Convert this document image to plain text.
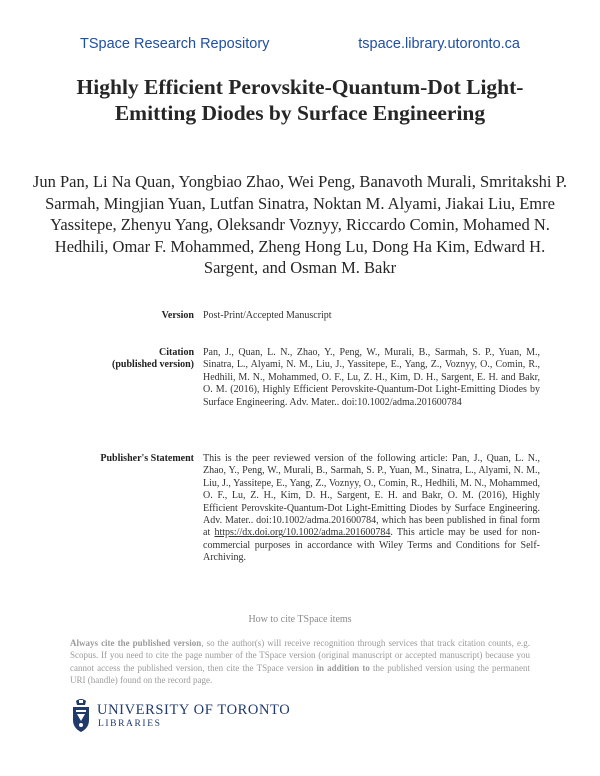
TSpace Research Repository	tspace.library.utoronto.ca
Highly Efficient Perovskite-Quantum-Dot Light-Emitting Diodes by Surface Engineering
Jun Pan, Li Na Quan, Yongbiao Zhao, Wei Peng, Banavoth Murali, Smritakshi P. Sarmah, Mingjian Yuan, Lutfan Sinatra, Noktan M. Alyami, Jiakai Liu, Emre Yassitepe, Zhenyu Yang, Oleksandr Voznyy, Riccardo Comin, Mohamed N. Hedhili, Omar F. Mohammed, Zheng Hong Lu, Dong Ha Kim, Edward H. Sargent, and Osman M. Bakr
Version Post-Print/Accepted Manuscript
Citation
(published version)
Pan, J., Quan, L. N., Zhao, Y., Peng, W., Murali, B., Sarmah, S. P., Yuan, M., Sinatra, L., Alyami, N. M., Liu, J., Yassitepe, E., Yang, Z., Voznyy, O., Comin, R., Hedhili, M. N., Mohammed, O. F., Lu, Z. H., Kim, D. H., Sargent, E. H. and Bakr, O. M. (2016), Highly Efficient Perovskite-Quantum-Dot Light-Emitting Diodes by Surface Engineering. Adv. Mater.. doi:10.1002/adma.201600784
Publisher's Statement This is the peer reviewed version of the following article: Pan, J., Quan, L. N., Zhao, Y., Peng, W., Murali, B., Sarmah, S. P., Yuan, M., Sinatra, L., Alyami, N. M., Liu, J., Yassitepe, E., Yang, Z., Voznyy, O., Comin, R., Hedhili, M. N., Mohammed, O. F., Lu, Z. H., Kim, D. H., Sargent, E. H. and Bakr, O. M. (2016), Highly Efficient Perovskite-Quantum-Dot Light-Emitting Diodes by Surface Engineering. Adv. Mater.. doi:10.1002/adma.201600784, which has been published in final form at https://dx.doi.org/10.1002/adma.201600784. This article may be used for non-commercial purposes in accordance with Wiley Terms and Conditions for Self-Archiving.
How to cite TSpace items
Always cite the published version, so the author(s) will receive recognition through services that track citation counts, e.g. Scopus. If you need to cite the page number of the TSpace version (original manuscript or accepted manuscript) because you cannot access the published version, then cite the TSpace version in addition to the published version using the permanent URI (handle) found on the record page.
UNIVERSITY OF TORONTO
LIBRARIES
